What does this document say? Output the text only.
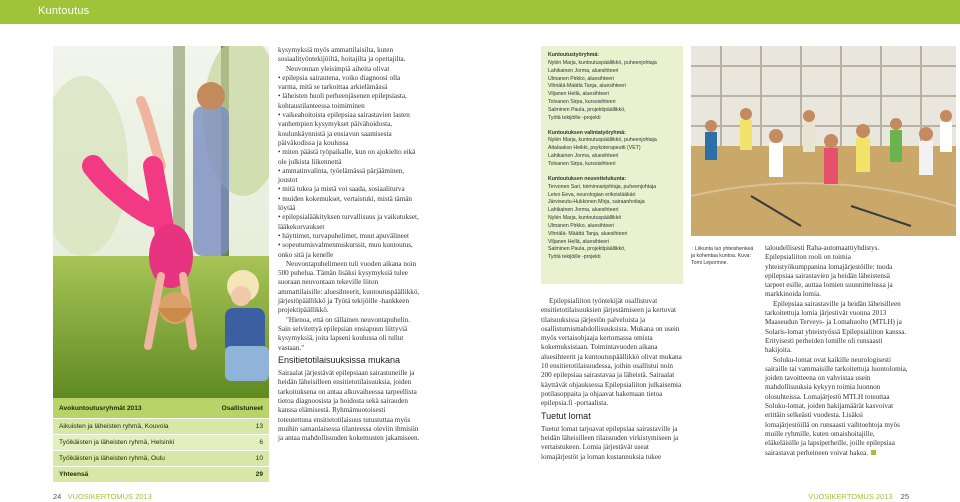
Kuntoutus
Avokuntoutusryhmät 2013	Osallistuneet
Aikuisten ja läheisten ryhmä, Kouvola	13
Työikäisten ja läheisten ryhmä, Helsinki	6
Työikäisten ja läheisten ryhmä, Oulu	10
Yhteensä	29

kysymyksiä myös ammattilaisilta, kuten sosiaalityöntekijöiltä, hoitajilta ja opettajilta.

Neuvonnan yleisimpiä aiheita olivat

• epilepsia sairautena, voiko diagnoosi olla varma, mitä se tarkoittaa arkielämässä

• läheisten huoli perheenjäsenen epilepsiasta, kohtaustilanteessa toimiminen

• vaikeahoitoista epilepsiaa sairastavien lasten vanhempien kysymykset päivähoidosta, koulunkäynnistä ja ensiavun saamisesta päiväkodissa ja koulussa

• miten päästä työpaikalle, kun on ajokielto eikä ole julkista liikennettä

• ammatinvalinta, työelämässä pärjääminen, joustot

• mitä tukea ja mistä voi saada, sosiaaliturva

• muiden kokemukset, vertaistuki, mistä tämän löytää

• epilepsialääkityksen turvallisuus ja vaikutukset, lääkekorvaukset

• häyttimet, turvapuhelimet, muut apuvälineet

• sopeutumisvalmennuskurssit, muu kuntoutus, onko sitä ja kenelle

Neuvontapuhelimeen tuli vuoden aikana noin 500 puhelua. Tämän lisäksi kysymyksiä tulee suoraan neuvontaan tekeville liiton ammattilaisille: aluesihteerit, kuntoutuspäällikkö, järjestöpäällikkö ja Työtä tekijöille -hankkeen projektipäällikkö.

"Hienoa, että on tällainen neuvontapuhelin. Sain selvitettyä epilepsian ensiapuun liittyviä kysymyksiä, joita lapseni koulussa oli tullut vastaan."

Ensitietotilaisuuksissa mukana

Sairaalat järjestävät epilepsiaan sairastuneille ja heidän läheisilleen ensitietotilaisuuksia, joiden tarkoituksena on antaa alkuvaiheessa tarpeellista tietoa diagnoosista ja hoidosta sekä sairauden kanssa elämisestä. Ryhmämuotoisesti toteutettuna ensitietotilaisuus tutustuttaa myös muihin samanlaisessa tilanteessa oleviin ihmisiin ja antaa mahdollisuuden kokemusten jakamiseen.

Kuntoutustyöryhmä:
Nylén Marja, kuntoutuspäällikkö, puheenjohtaja
Lahikainen Jorma, aluesihteeri
Ulmanen Pirkko, aluesihteeri
Vihriälä-Määttä Tanja, aluesihteeri
Viljanen Hellä, aluesihteeri
Tolvanen Sirpa, kurssisihteeri
Salminen Paula, projektipäällikkö,
Työtä tekijöille -projekti
Kuntoutuksen valintatyöryhmä:
Nylén Marja, kuntoutuspäällikkö, puheenjohtaja
Aitalaakso Heikki, psykoterapeutti (VET)
Lahikainen Jorma, aluesihteeri
Tolvanen Sirpa, kurssisihteeri
Kuntoutuksen neuvottelukunta:
Tervonen Sari, toiminnanjohtaja, puheenjohtaja
Leivo Eeva, neurologian erikoislääkäri
Järviseutu-Hukkonen Mirja, sairaanhoitaja
Lahikainen Jorma, aluesihteeri
Nylén Marja, kuntoutuspäällikkö
Ulmanen Pirkko, aluesihteeri
Vihriälä- Määttä Tanja, aluesihteeri
Viljanen Hellä, aluesihteeri
Salminen Paula, projektipäällikkö,
Työtä tekijöille -projekti

Epilepsialiiton työntekijät osallistuvat ensitietotilaisuuksien järjestämiseen ja kertovat tilaisuuksissa järjestön palveluista ja osallistumismahdollisuuksista. Mukana on usein myös vertaisohjaaja kertomassa omista kokemuksistaan. Toimintavuoden aikana aluesihteerit ja kuntoutuspäällikkö olivat mukana 10 ensitietotilaisuudessa, joihin osallistui noin 200 epilepsiaa sairastavaa ja läheistä. Sairaalat käyttävät ohjauksessa Epilepsialiiton julkaisemia potilasoppaita ja ohjaavat hakemaan tietoa epilepsia.fi -portaalista.

Tuetut lomat

Tuetut lomat tarjoavat epilepsiaa sairastaville ja heidän läheisilleen tilaisuuden virkistymiseen ja vertaistukeen. Lomia järjestävät useat lomajärjestöt ja loman kustannuksia tukee

↑ Liikunta luo yhteishenkeä ja kohentaa kuntoa. Kuva: Tomi Leporinne.

taloudellisesti Raha-automaattiyhdistys. Epilepsialiiton rooli on toimia yhteistyökumppanina lomajärjestöille: tuoda epilepsiaa sairastavien ja heidän läheistensä tarpeet esille, auttaa lomien suunnittelussa ja markkinoida lomia.

Epilepsiaa sairastaville ja heidän läheisilleen tarkoitettuja lomia järjestivät vuonna 2013 Maaseudun Terveys- ja Lomahuolto (MTLH) ja Solaris-lomat yhteistyössä Epilepsialiiton kanssa. Erityisesti perheiden lomille oli runsaasti hakijoita.

Soluku-lomat ovat kaikille neurologisesti sairaille tai vammaisille tarkoitettuja luontolomia, joiden tavoitteena on vahvistaa usein mahdollisuuksia kykyyn toimia luonnon olosuhteissa. Lomajärjestö MTLH toteuttaa Soluku-lomat, joiden hakijamäärät kasvoivat erittäin selkeästi vuodesta. Lisäksi lomajärjestöillä on runsaasti vaihtoehtoja myös muille ryhmille, kuten omaishoitajille, eläkeläisille ja lapsiperheille, joille epilepsiaa sairastavat perheineen voivat hakea.

24 VUOSIKERTOMUS 2013	VUOSIKERTOMUS 2013 25
